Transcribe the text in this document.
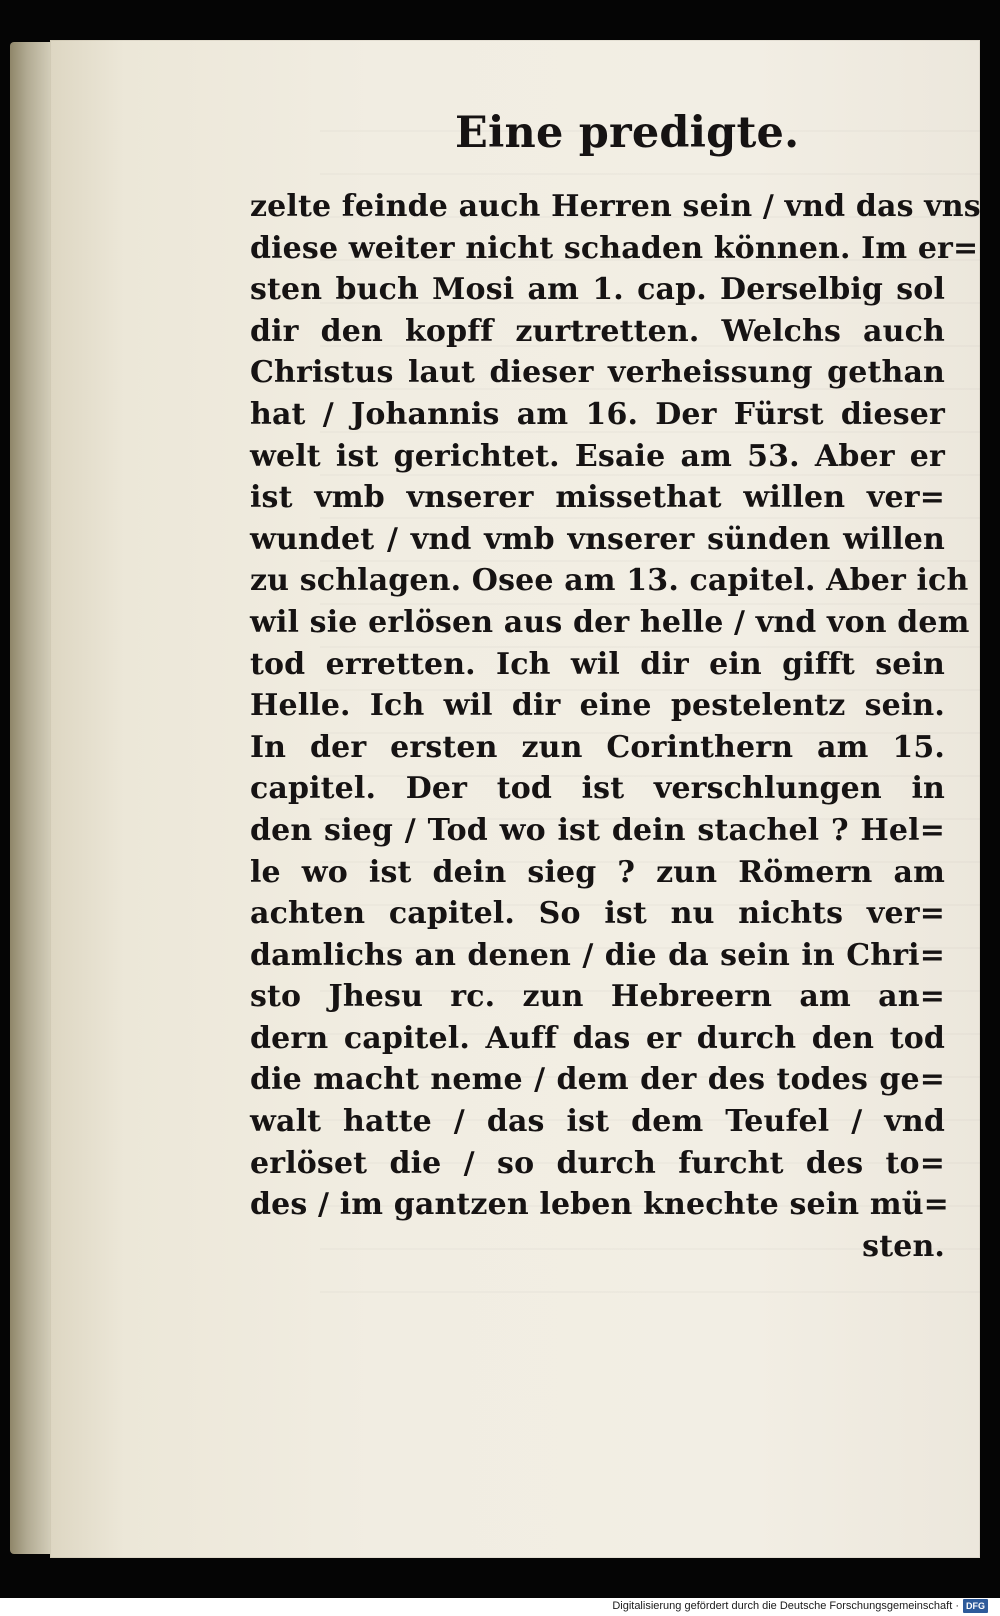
Eine predigte.
zelte feinde auch Herren sein / vnd das vns
diese weiter nicht schaden können. Im er=
sten buch Mosi am 1. cap. Derselbig sol
dir den kopff zurtretten. Welchs auch
Christus laut dieser verheissung gethan
hat / Johannis am 16. Der Fürst dieser
welt ist gerichtet. Esaie am 53. Aber er
ist vmb vnserer missethat willen ver=
wundet / vnd vmb vnserer sünden willen
zu schlagen. Osee am 13. capitel. Aber ich
wil sie erlösen aus der helle / vnd von dem
tod erretten. Ich wil dir ein gifft sein
Helle. Ich wil dir eine pestelentz sein.
In der ersten zun Corinthern am 15.
capitel. Der tod ist verschlungen in
den sieg / Tod wo ist dein stachel ? Hel=
le wo ist dein sieg ? zun Römern am
achten capitel. So ist nu nichts ver=
damlichs an denen / die da sein in Chri=
sto Jhesu rc. zun Hebreern am an=
dern capitel. Auff das er durch den tod
die macht neme / dem der des todes ge=
walt hatte / das ist dem Teufel / vnd
erlöset die / so durch furcht des to=
des / im gantzen leben knechte sein mü=
sten.
Digitalisierung gefördert durch die Deutsche Forschungsgemeinschaft · DFG
